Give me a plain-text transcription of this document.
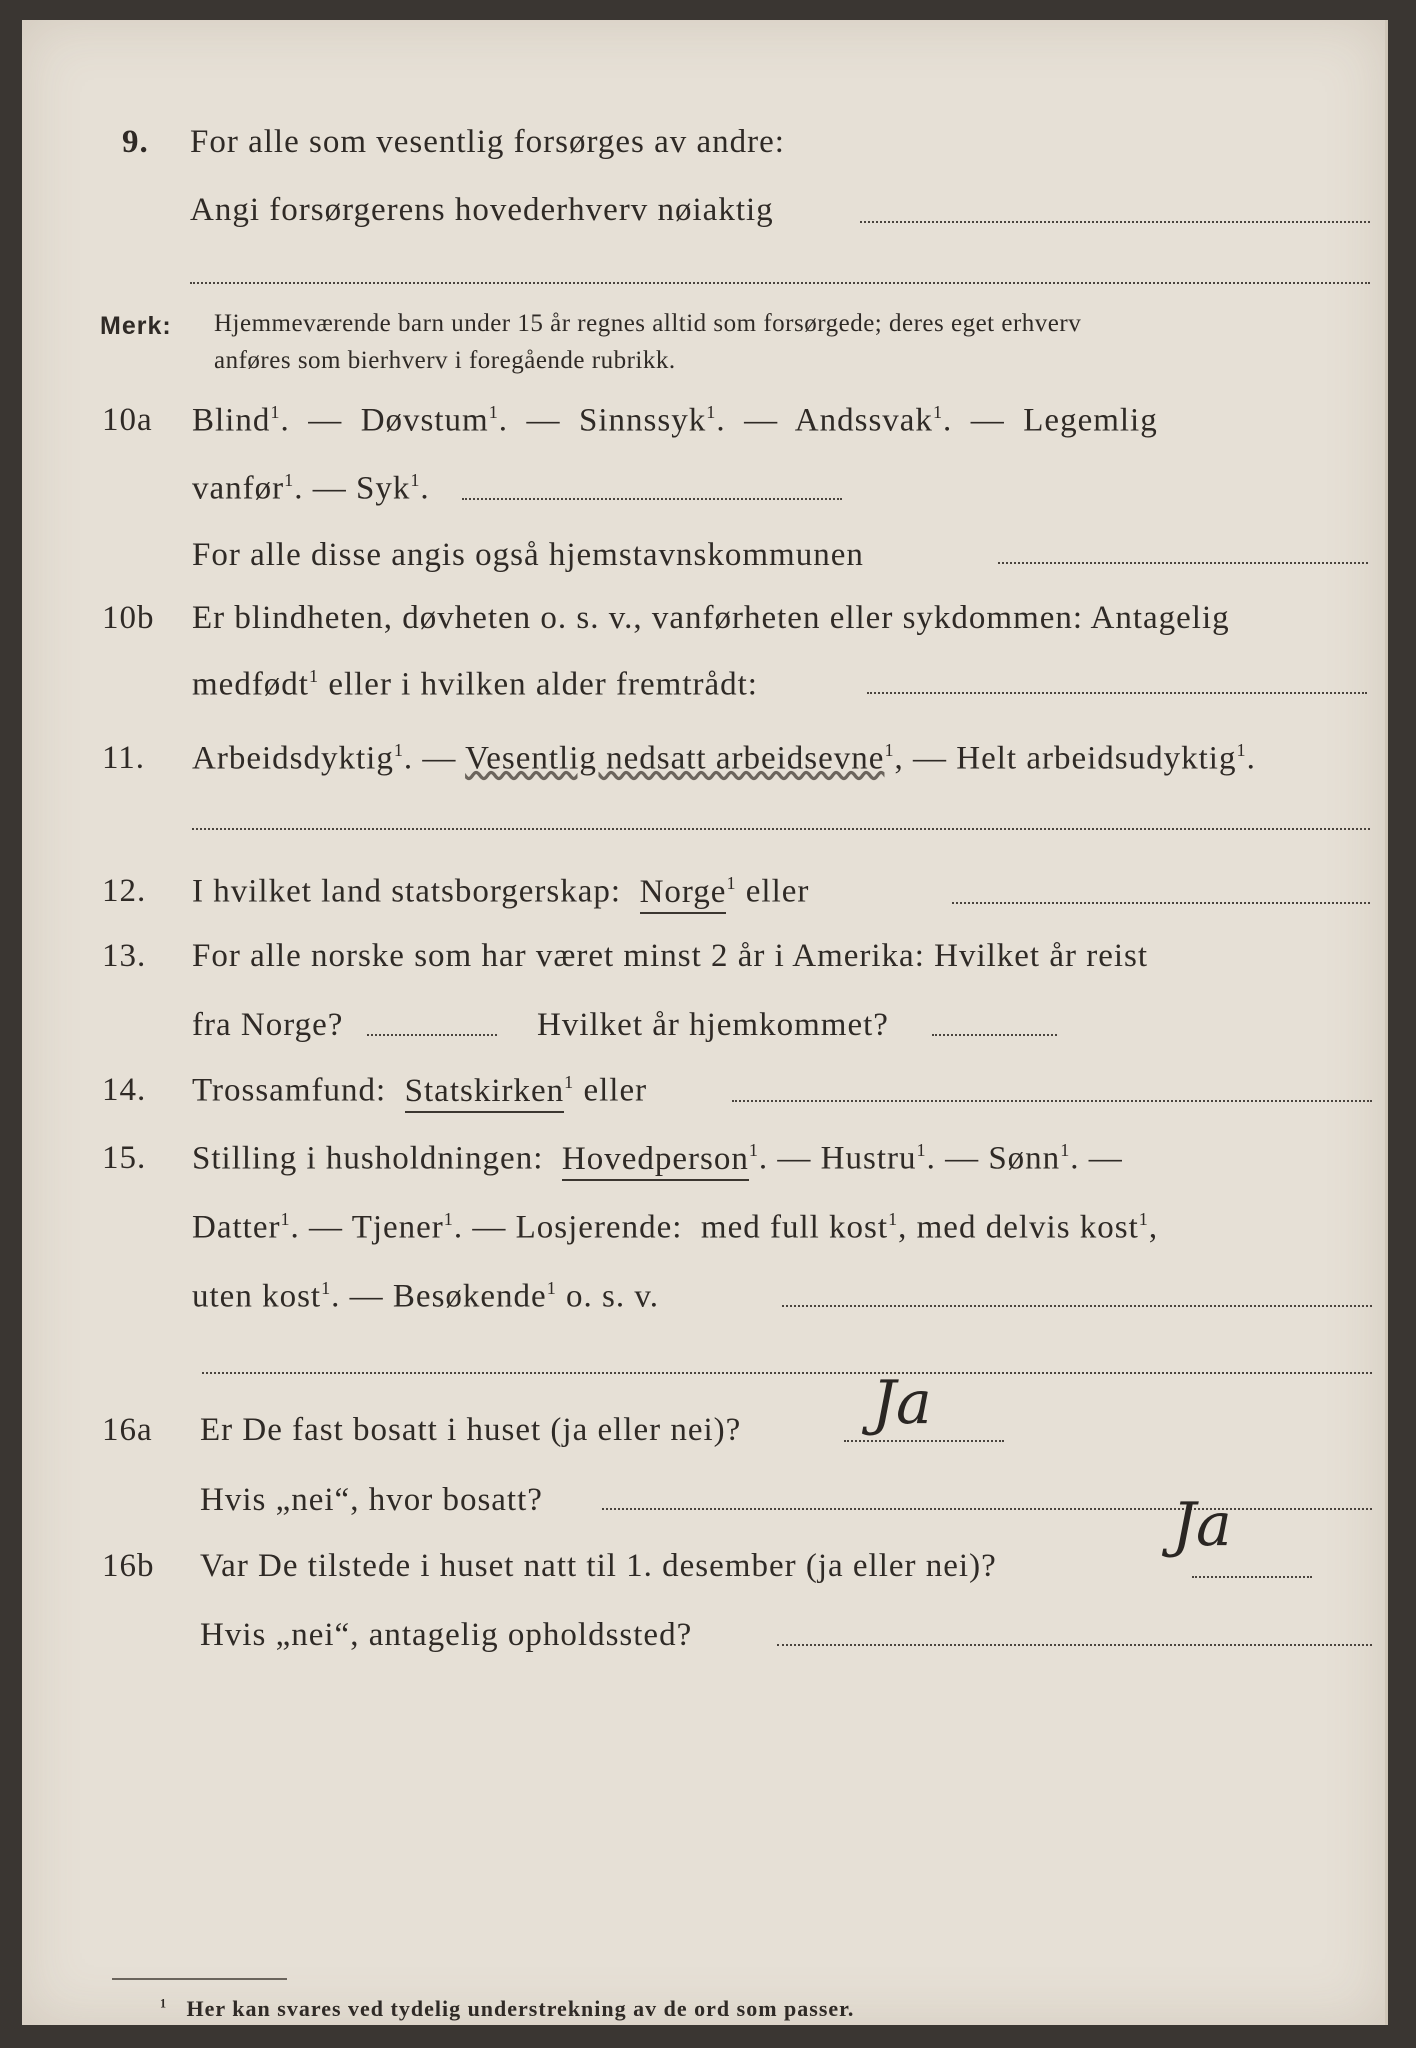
9. For alle som vesentlig forsørges av andre:
Angi forsørgerens hovederhverv nøiaktig
Merk: Hjemmeværende barn under 15 år regnes alltid som forsørgede; deres eget erhverv
anføres som bierhverv i foregående rubrikk.
10a Blind$^1$.  — Døvstum$^1$.  — Sinnssyk$^1$.  — Andssvak$^1$.  — Legemlig
vanfør$^1$. — Syk$^1$.
For alle disse angis også hjemstavnskommunen
10b Er blindheten, døvheten o. s. v., vanførheten eller sykdommen: Antagelig
medfødt$^1$ eller i hvilken alder fremtrådt:
11. Arbeidsdyktig$^1$. — Vesentlig nedsatt arbeidsevne$^1$, — Helt arbeidsudyktig$^1$.
12. I hvilket land statsborgerskap: Norge$^1$ eller
13. For alle norske som har været minst 2 år i Amerika: Hvilket år reist
fra Norge?	Hvilket år hjemkommet?
14. Trossamfund: Statskirken$^1$ eller
15. Stilling i husholdningen: Hovedperson$^1$. — Hustru$^1$. — Sønn$^1$. —
Datter$^1$. — Tjener$^1$. — Losjerende: med full kost$^1$, med delvis kost$^1$,
uten kost$^1$. — Besøkende$^1$ o. s. v.
16a Er De fast bosatt i huset (ja eller nei)? Ja
Hvis „nei“, hvor bosatt?
16b Var De tilstede i huset natt til 1. desember (ja eller nei)?
Ja
Hvis „nei“, antagelig opholdssted?
$^1$ Her kan svares ved tydelig understrekning av de ord som passer.
